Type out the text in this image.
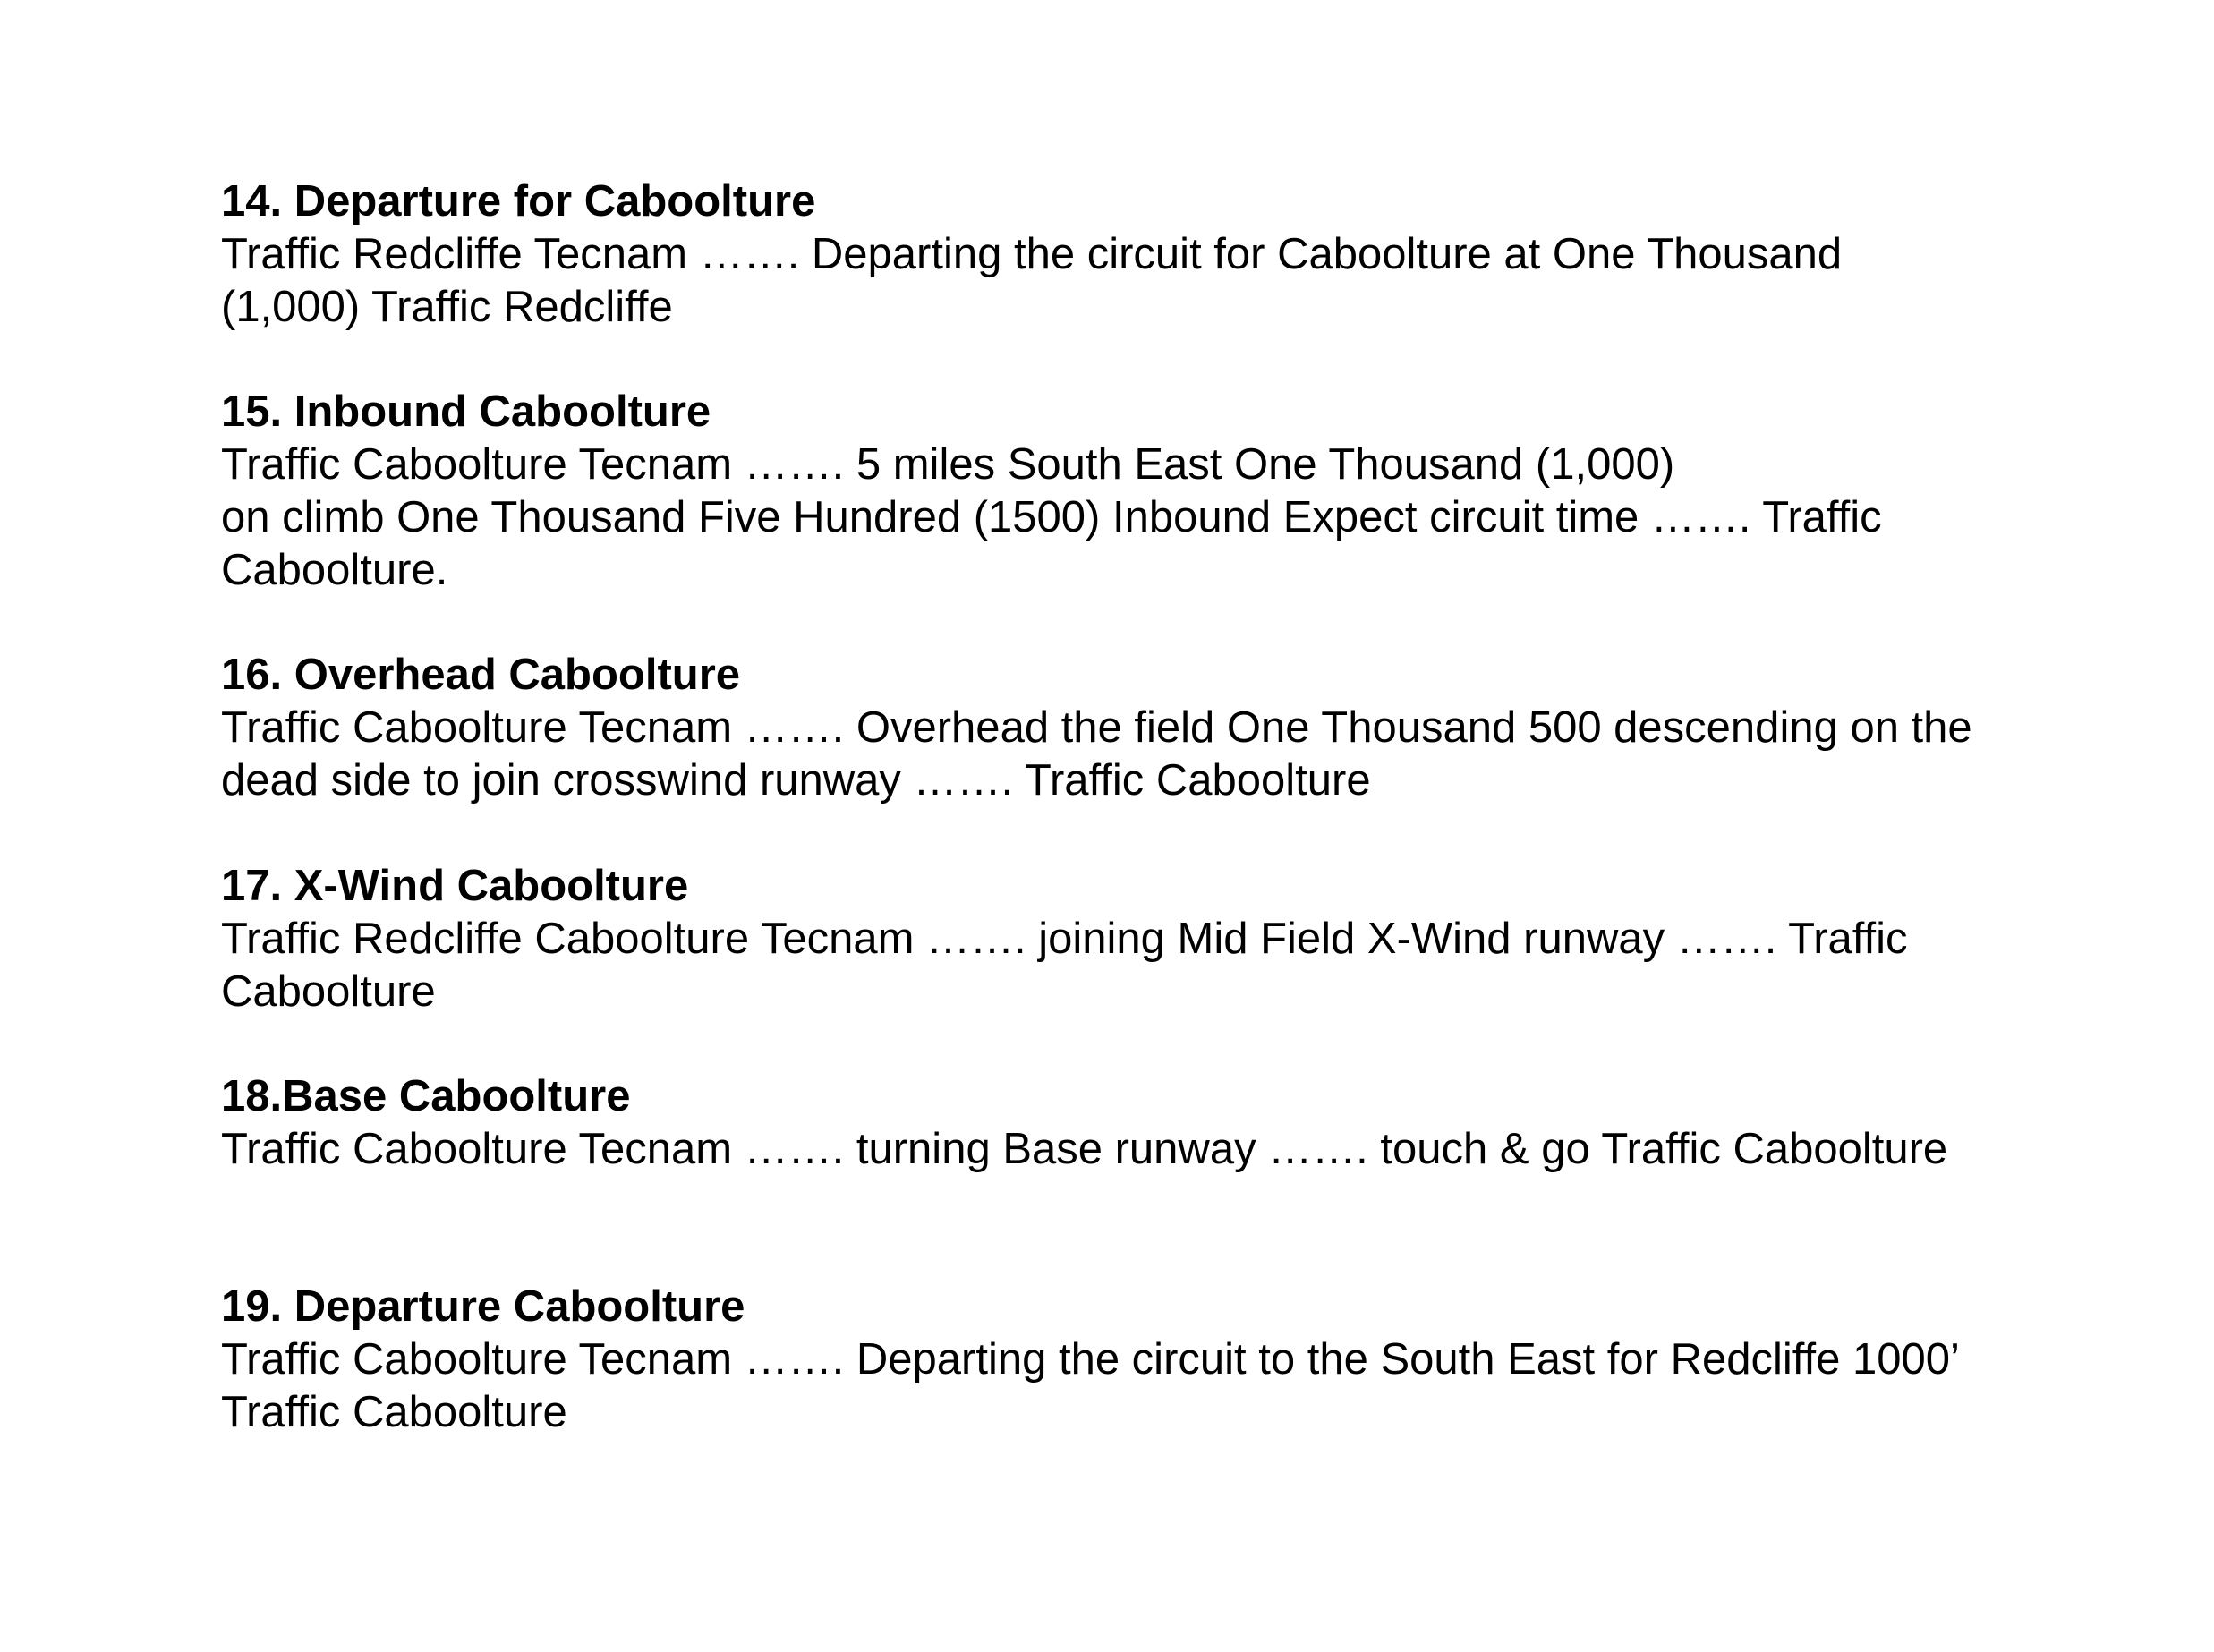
14. Departure for Caboolture

Traffic Redcliffe Tecnam ……. Departing the circuit for Caboolture at One Thousand

(1,000) Traffic Redcliffe

15. Inbound Caboolture

Traffic Caboolture Tecnam ……. 5 miles South East One Thousand (1,000)

on climb One Thousand Five Hundred (1500) Inbound Expect circuit time ……. Traffic

Caboolture.

16. Overhead Caboolture

Traffic Caboolture Tecnam ……. Overhead the field One Thousand 500 descending on the

dead side to join crosswind runway ……. Traffic Caboolture

17. X-Wind Caboolture

Traffic Redcliffe Caboolture Tecnam ……. joining Mid Field X-Wind runway ……. Traffic

Caboolture

18.Base Caboolture

Traffic Caboolture Tecnam ……. turning Base runway ……. touch & go Traffic Caboolture

19. Departure Caboolture

Traffic Caboolture Tecnam ……. Departing the circuit to the South East for Redcliffe 1000’

Traffic Caboolture
